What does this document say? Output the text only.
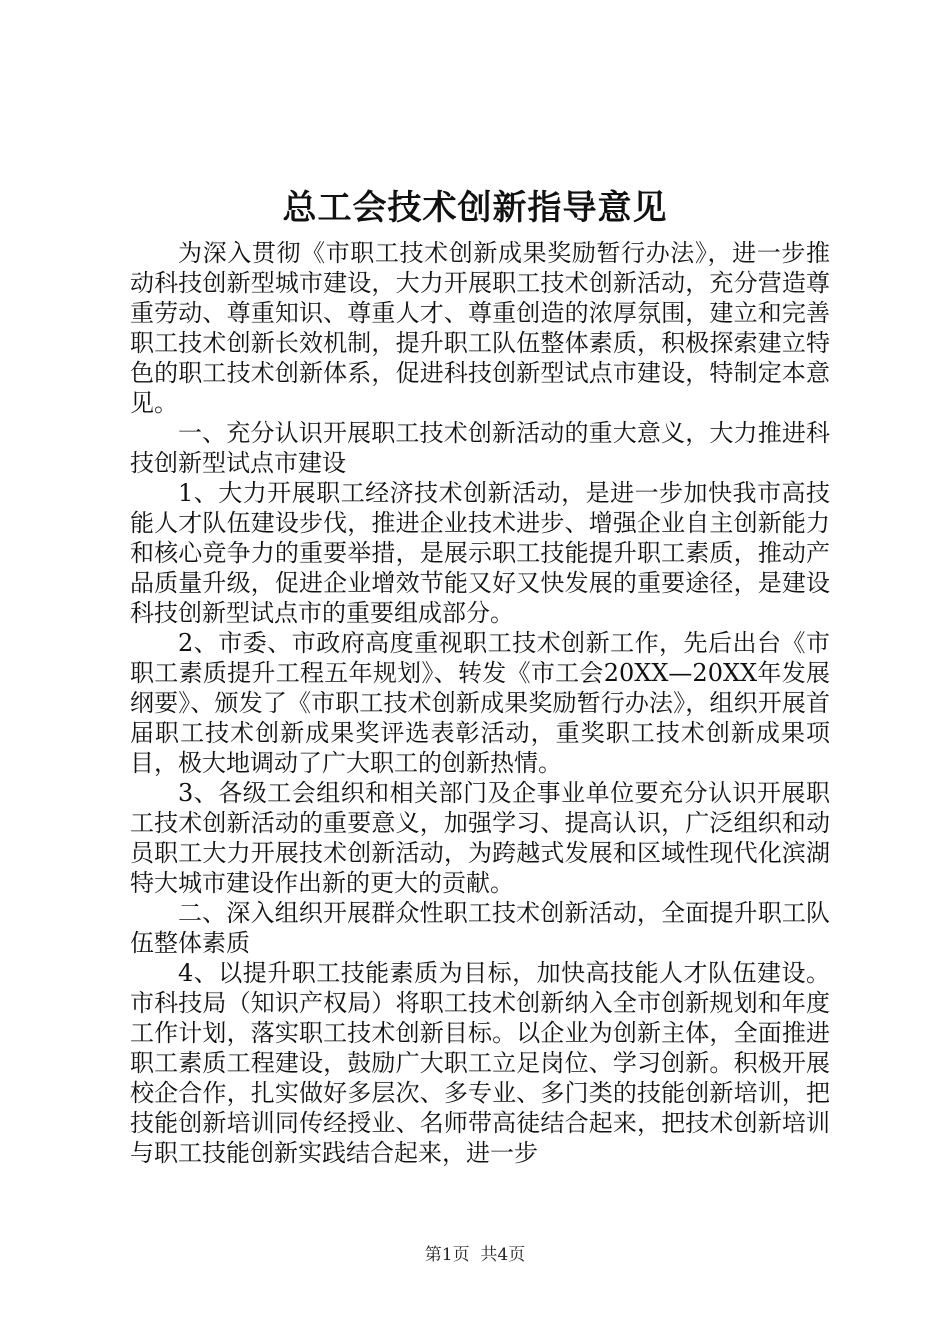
总工会技术创新指导意见

为深入贯彻《市职工技术创新成果奖励暂行办法》，进一步推动科技创新型城市建设，大力开展职工技术创新活动，充分营造尊重劳动、尊重知识、尊重人才、尊重创造的浓厚氛围，建立和完善职工技术创新长效机制，提升职工队伍整体素质，积极探索建立特色的职工技术创新体系，促进科技创新型试点市建设，特制定本意见。

一、充分认识开展职工技术创新活动的重大意义，大力推进科技创新型试点市建设

1、大力开展职工经济技术创新活动，是进一步加快我市高技能人才队伍建设步伐，推进企业技术进步、增强企业自主创新能力和核心竞争力的重要举措，是展示职工技能提升职工素质，推动产品质量升级，促进企业增效节能又好又快发展的重要途径，是建设科技创新型试点市的重要组成部分。

2、市委、市政府高度重视职工技术创新工作，先后出台《市职工素质提升工程五年规划》、转发《市工会20XX—20XX年发展纲要》、颁发了《市职工技术创新成果奖励暂行办法》，组织开展首届职工技术创新成果奖评选表彰活动，重奖职工技术创新成果项目，极大地调动了广大职工的创新热情。

3、各级工会组织和相关部门及企事业单位要充分认识开展职工技术创新活动的重要意义，加强学习、提高认识，广泛组织和动员职工大力开展技术创新活动，为跨越式发展和区域性现代化滨湖特大城市建设作出新的更大的贡献。

二、深入组织开展群众性职工技术创新活动，全面提升职工队伍整体素质

4、以提升职工技能素质为目标，加快高技能人才队伍建设。市科技局（知识产权局）将职工技术创新纳入全市创新规划和年度工作计划，落实职工技术创新目标。以企业为创新主体，全面推进职工素质工程建设，鼓励广大职工立足岗位、学习创新。积极开展校企合作，扎实做好多层次、多专业、多门类的技能创新培训，把技能创新培训同传经授业、名师带高徒结合起来，把技术创新培训与职工技能创新实践结合起来，进一步

第1页 共4页
